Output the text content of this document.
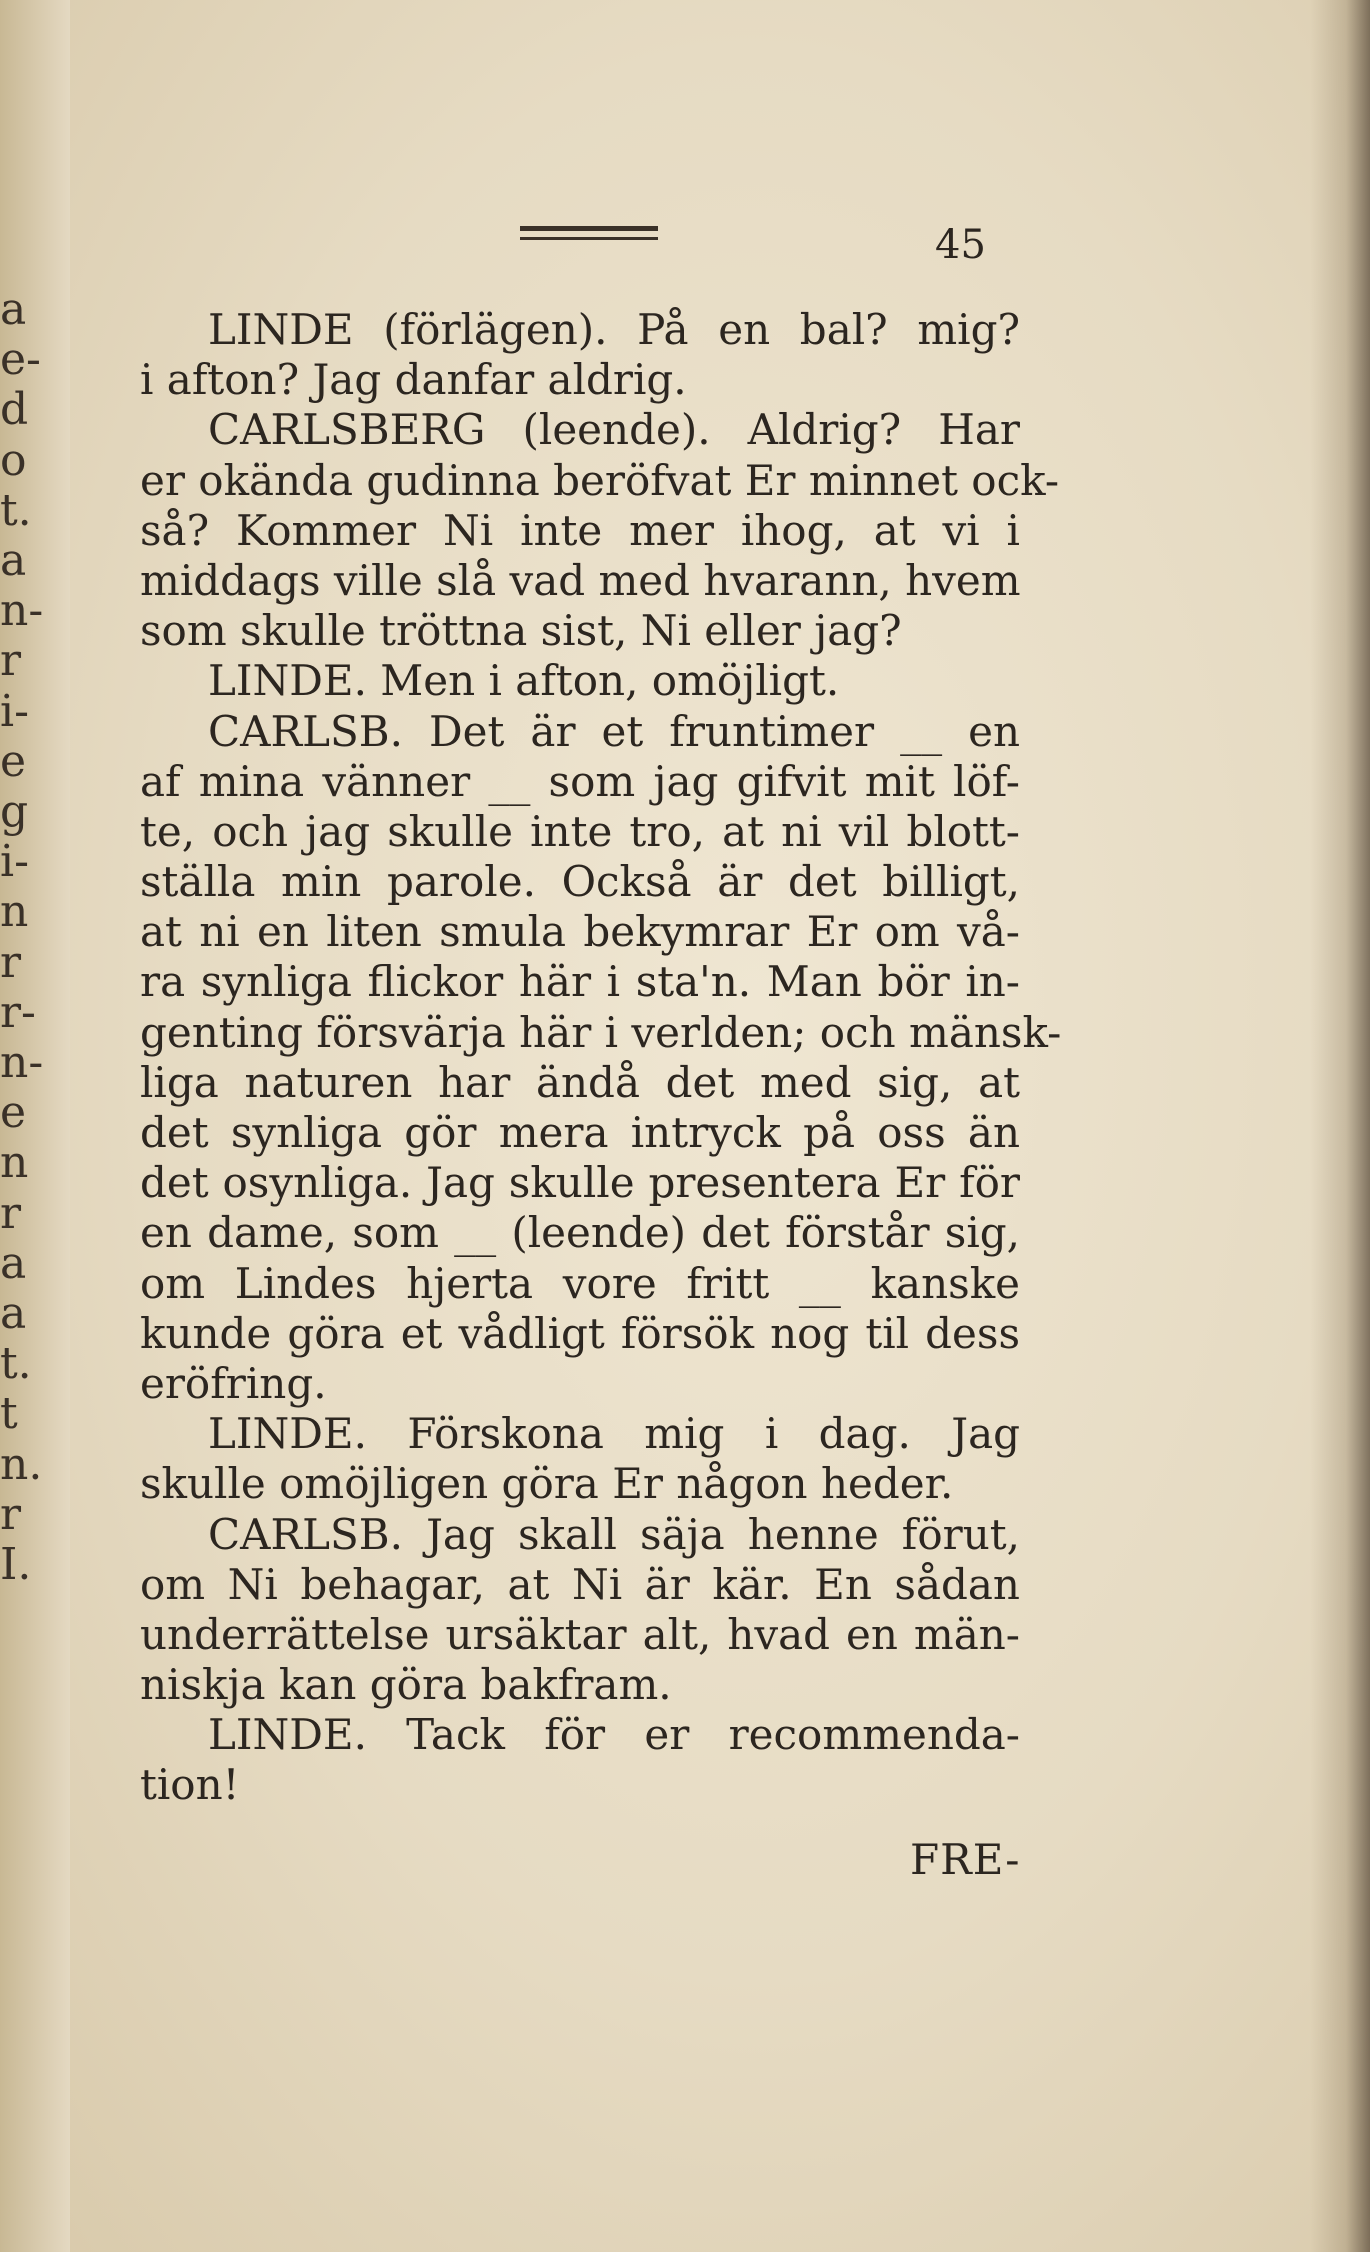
a
e-
d
o
t.
a
n-
r
i-
e
g
i-
n
r
r-
n-
e
n
r
a
a
t.
t
n.
r
I.
45
LINDE (förlägen). På en bal? mig?
i afton? Jag danfar aldrig.
CARLSBERG (leende). Aldrig? Har
er okända gudinna beröfvat Er minnet ock-
så? Kommer Ni inte mer ihog, at vi i
middags ville slå vad med hvarann, hvem
som skulle tröttna sist, Ni eller jag?
LINDE. Men i afton, omöjligt.
CARLSB. Det är et fruntimer __ en
af mina vänner __ som jag gifvit mit löf-
te, och jag skulle inte tro, at ni vil blott-
ställa min parole. Också är det billigt,
at ni en liten smula bekymrar Er om vå-
ra synliga flickor här i sta'n. Man bör in-
genting försvärja här i verlden; och mänsk-
liga naturen har ändå det med sig, at
det synliga gör mera intryck på oss än
det osynliga. Jag skulle presentera Er för
en dame, som __ (leende) det förstår sig,
om Lindes hjerta vore fritt __ kanske
kunde göra et vådligt försök nog til dess
eröfring.
LINDE. Förskona mig i dag. Jag
skulle omöjligen göra Er någon heder.
CARLSB. Jag skall säja henne förut,
om Ni behagar, at Ni är kär. En sådan
underrättelse ursäktar alt, hvad en män-
niskja kan göra bakfram.
LINDE. Tack för er recommenda-
tion!
FRE-
